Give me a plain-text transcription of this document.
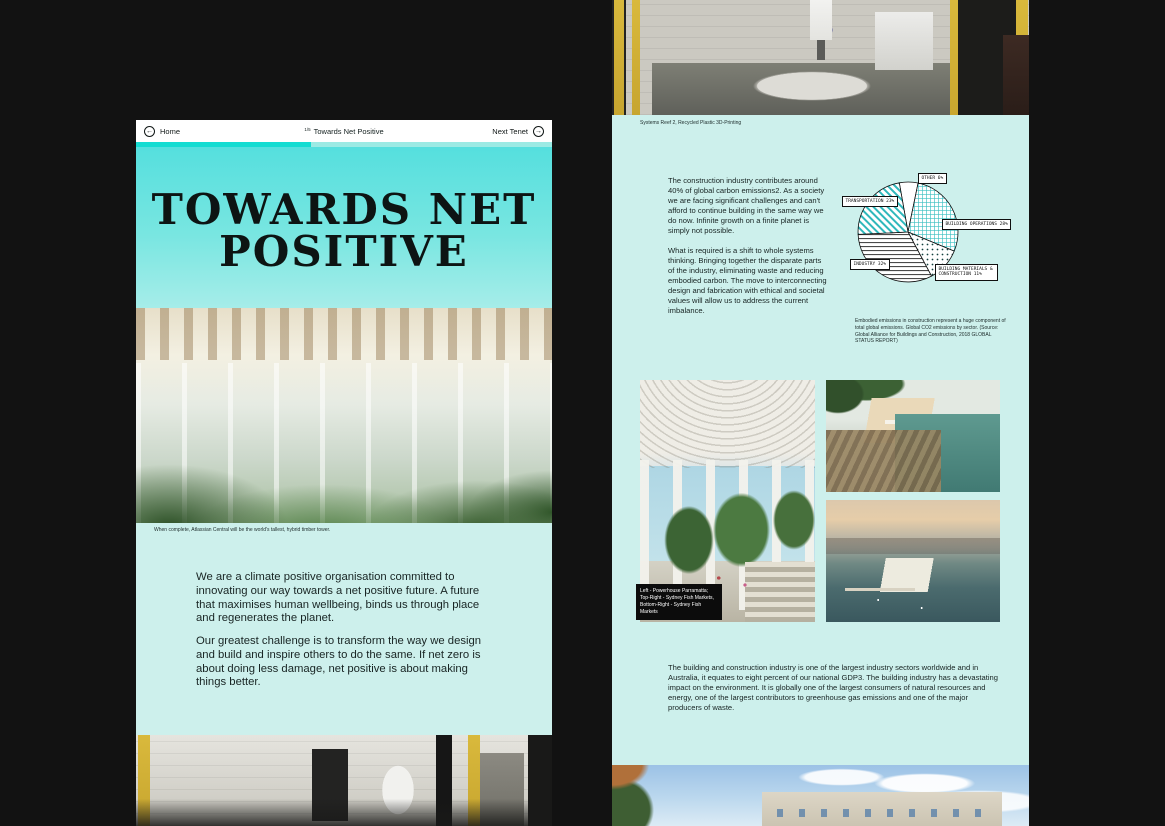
← Home	1/5 Towards Net Positive	Next Tenet →
TOWARDS NET
POSITIVE
When complete, Atlassian Central will be the world's tallest, hybrid timber tower.

We are a climate positive organisation committed to innovating our way towards a net positive future. A future that maximises human wellbeing, binds us through place and regenerates the planet.

Our greatest challenge is to transform the way we design and build and inspire others to do the same. If net zero is about doing less damage, net positive is about making things better.

Systems Reef 2, Recycled Plastic 3D-Printing

The construction industry contributes around 40% of global carbon emissions2. As a society we are facing significant challenges and can't afford to continue building in the same way we do now. Infinite growth on a finite planet is simply not possible.

What is required is a shift to whole systems thinking. Bringing together the disparate parts of the industry, eliminating waste and reducing embodied carbon. The move to interconnecting design and fabrication with ethical and societal values will allow us to address the current imbalance.

OTHER 6%
TRANSPORTATION 23%
BUILDING OPERATIONS 28%
INDUSTRY 32%
BUILDING MATERIALS & CONSTRUCTION 11%
Embodied emissions in construction represent a huge component of total global emissions. Global CO2 emissions by sector. (Source: Global Alliance for Buildings and Construction, 2018 GLOBAL STATUS REPORT)
Left - Powerhouse Parramatta; Top-Right - Sydney Fish Markets, Bottom-Right - Sydney Fish Markets

The building and construction industry is one of the largest industry sectors worldwide and in Australia, it equates to eight percent of our national GDP3. The building industry has a devastating impact on the environment. It is globally one of the largest consumers of natural resources and energy, one of the largest contributors to greenhouse gas emissions and one of the major producers of waste.
